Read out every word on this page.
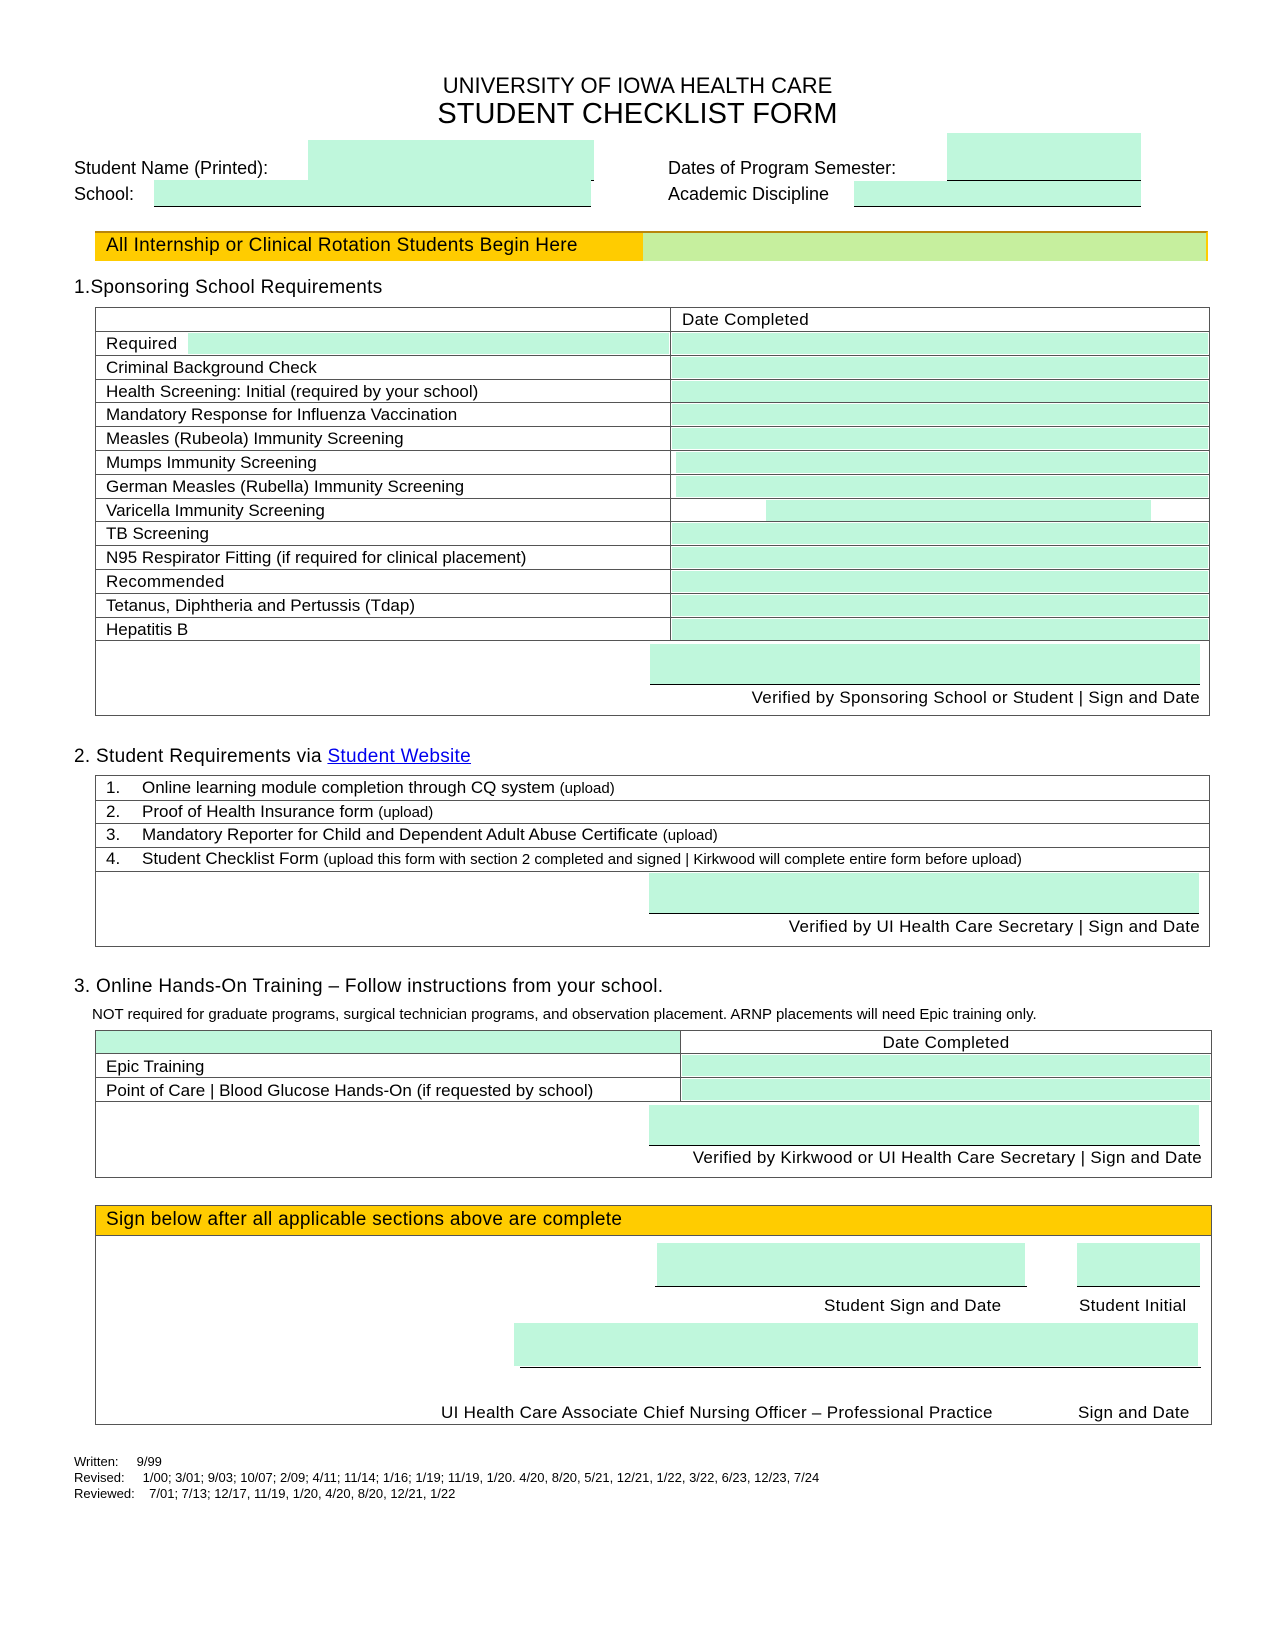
UNIVERSITY OF IOWA HEALTH CARE
STUDENT CHECKLIST FORM
Student Name (Printed):
School:
Dates of Program Semester:
Academic Discipline
All Internship or Clinical Rotation Students Begin Here
1.Sponsoring School Requirements
Date Completed
Required
Criminal Background Check
Health Screening: Initial (required by your school)
Mandatory Response for Influenza Vaccination
Measles (Rubeola) Immunity Screening
Mumps Immunity Screening
German Measles (Rubella) Immunity Screening
Varicella Immunity Screening
TB Screening
N95 Respirator Fitting (if required for clinical placement)
Recommended
Tetanus, Diphtheria and Pertussis (Tdap)
Hepatitis B
Verified by Sponsoring School or Student | Sign and Date
2. Student Requirements via Student Website
1. Online learning module completion through CQ system (upload)
2. Proof of Health Insurance form (upload)
3. Mandatory Reporter for Child and Dependent Adult Abuse Certificate (upload)
4. Student Checklist Form (upload this form with section 2 completed and signed | Kirkwood will complete entire form before upload)
Verified by UI Health Care Secretary | Sign and Date
3. Online Hands-On Training – Follow instructions from your school.
NOT required for graduate programs, surgical technician programs, and observation placement. ARNP placements will need Epic training only.
Date Completed
Epic Training
Point of Care | Blood Glucose Hands-On (if requested by school)
Verified by Kirkwood or UI Health Care Secretary | Sign and Date
Sign below after all applicable sections above are complete
Student Sign and Date	Student Initial
UI Health Care Associate Chief Nursing Officer – Professional Practice	Sign and Date
Written:     9/99
Revised:     1/00; 3/01; 9/03; 10/07; 2/09; 4/11; 11/14; 1/16; 1/19; 11/19, 1/20. 4/20, 8/20, 5/21, 12/21, 1/22, 3/22, 6/23, 12/23, 7/24
Reviewed:    7/01; 7/13; 12/17, 11/19, 1/20, 4/20, 8/20, 12/21, 1/22
